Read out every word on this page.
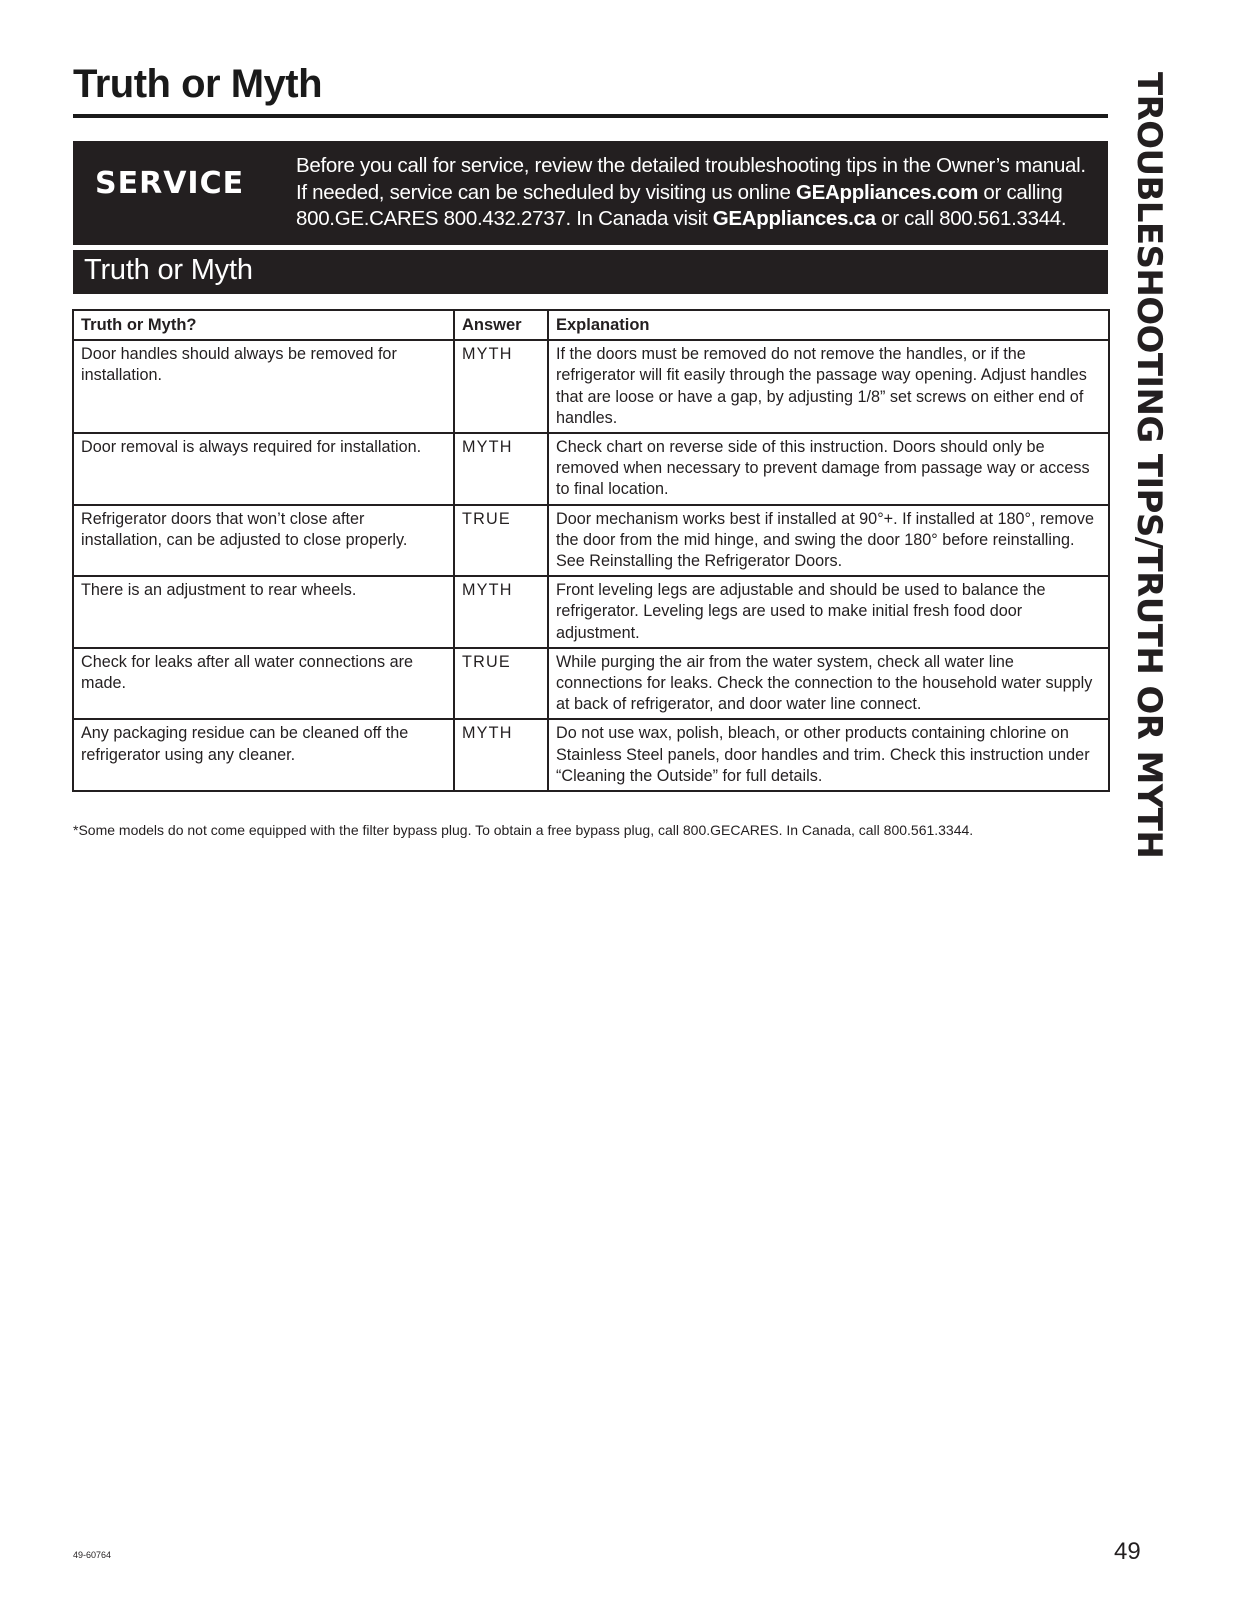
Truth or Myth
SERVICE
Before you call for service, review the detailed troubleshooting tips in the Owner’s manual.
If needed, service can be scheduled by visiting us online GEAppliances.com or calling
800.GE.CARES 800.432.2737. In Canada visit GEAppliances.ca or call 800.561.3344.
Truth or Myth
Truth or Myth?	Answer	Explanation
Door handles should always be removed for installation.	MYTH	If the doors must be removed do not remove the handles, or if the refrigerator will fit easily through the passage way opening. Adjust handles that are loose or have a gap, by adjusting 1/8” set screws on either end of handles.
Door removal is always required for installation.	MYTH	Check chart on reverse side of this instruction. Doors should only be removed when necessary to prevent damage from passage way or access to final location.
Refrigerator doors that won’t close after installation, can be adjusted to close properly.	TRUE	Door mechanism works best if installed at 90°+. If installed at 180°, remove the door from the mid hinge, and swing the door 180° before reinstalling. See Reinstalling the Refrigerator Doors.
There is an adjustment to rear wheels.	MYTH	Front leveling legs are adjustable and should be used to balance the refrigerator. Leveling legs are used to make initial fresh food door adjustment.
Check for leaks after all water connections are made.	TRUE	While purging the air from the water system, check all water line connections for leaks. Check the connection to the household water supply at back of refrigerator, and door water line connect.
Any packaging residue can be cleaned off the refrigerator using any cleaner.	MYTH	Do not use wax, polish, bleach, or other products containing chlorine on Stainless Steel panels, door handles and trim. Check this instruction under “Cleaning the Outside” for full details.
*Some models do not come equipped with the filter bypass plug. To obtain a free bypass plug, call 800.GECARES. In Canada, call 800.561.3344.	TROUBLESHOOTING TIPS/TRUTH OR MYTH
49-60764	49
